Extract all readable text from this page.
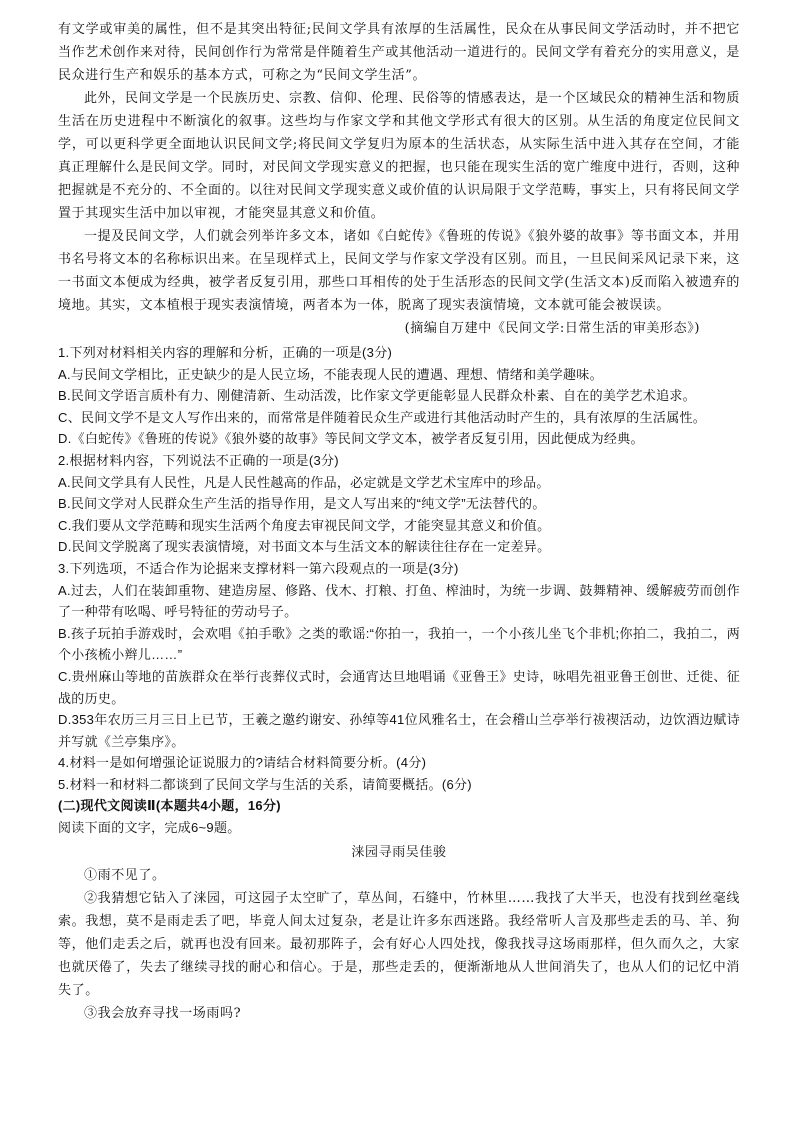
有文学或审美的属性，但不是其突出特征;民间文学具有浓厚的生活属性，民众在从事民间文学活动时，并不把它当作艺术创作来对待，民间创作行为常常是伴随着生产或其他活动一道进行的。民间文学有着充分的实用意义，是民众进行生产和娱乐的基本方式，可称之为“民间文学生活”。

此外，民间文学是一个民族历史、宗教、信仰、伦理、民俗等的情感表达，是一个区域民众的精神生活和物质生活在历史进程中不断演化的叙事。这些均与作家文学和其他文学形式有很大的区别。从生活的角度定位民间文学，可以更科学更全面地认识民间文学;将民间文学复归为原本的生活状态，从实际生活中进入其存在空间，才能真正理解什么是民间文学。同时，对民间文学现实意义的把握，也只能在现实生活的宽广维度中进行，否则，这种把握就是不充分的、不全面的。以往对民间文学现实意义或价值的认识局限于文学范畴，事实上，只有将民间文学置于其现实生活中加以审视，才能突显其意义和价值。

一提及民间文学，人们就会列举许多文本，诸如《白蛇传》《鲁班的传说》《狼外婆的故事》等书面文本，并用书名号将文本的名称标识出来。在呈现样式上，民间文学与作家文学没有区别。而且，一旦民间采风记录下来，这一书面文本便成为经典，被学者反复引用，那些口耳相传的处于生活形态的民间文学(生活文本)反而陷入被遗弃的境地。其实，文本植根于现实表演情境，两者本为一体，脱离了现实表演情境，文本就可能会被误读。

(摘编自万建中《民间文学:日常生活的审美形态》)

1.下列对材料相关内容的理解和分析，正确的一项是(3分)

A.与民间文学相比，正史缺少的是人民立场，不能表现人民的遭遇、理想、情绪和美学趣味。

B.民间文学语言质朴有力、刚健清新、生动活泼，比作家文学更能彰显人民群众朴素、自在的美学艺术追求。

C、民间文学不是文人写作出来的，而常常是伴随着民众生产或进行其他活动时产生的，具有浓厚的生活属性。

D.《白蛇传》《鲁班的传说》《狼外婆的故事》等民间文学文本，被学者反复引用，因此便成为经典。

2.根据材料内容，下列说法不正确的一项是(3分)

A.民间文学具有人民性，凡是人民性越高的作品，必定就是文学艺术宝库中的珍品。

B.民间文学对人民群众生产生活的指导作用，是文人写出来的“纯文学”无法替代的。

C.我们要从文学范畴和现实生活两个角度去审视民间文学，才能突显其意义和价值。

D.民间文学脱离了现实表演情境，对书面文本与生活文本的解读往往存在一定差异。

3.下列选项，不适合作为论据来支撑材料一第六段观点的一项是(3分)

A.过去，人们在装卸重物、建造房屋、修路、伐木、打粮、打鱼、榨油时，为统一步调、鼓舞精神、缓解疲劳而创作了一种带有吆喝、呼号特征的劳动号子。

B.孩子玩拍手游戏时，会欢唱《拍手歌》之类的歌谣:“你拍一，我拍一，一个小孩儿坐飞个非机;你拍二，我拍二，两个小孩梳小辫儿……”

C.贵州麻山等地的苗族群众在举行丧葬仪式时，会通宵达旦地唱诵《亚鲁王》史诗，咏唱先祖亚鲁王创世、迁徙、征战的历史。

D.353年农历三月三日上已节，王羲之邀约谢安、孙绰等41位风雅名士，在会稽山兰亭举行祓禊活动，边饮酒边赋诗并写就《兰亭集序》。

4.材料一是如何增强论证说服力的?请结合材料简要分析。(4分)

5.材料一和材料二都谈到了民间文学与生活的关系，请简要概括。(6分)

(二)现代文阅读Ⅱ(本题共4小题，16分)

阅读下面的文字，完成6~9题。

涞园寻雨吴佳骏

①雨不见了。

②我猜想它钻入了涞园，可这园子太空旷了，草丛间，石缝中，竹林里……我找了大半天，也没有找到丝毫线索。我想，莫不是雨走丢了吧，毕竟人间太过复杂，老是让许多东西迷路。我经常听人言及那些走丢的马、羊、狗等，他们走丢之后，就再也没有回来。最初那阵子，会有好心人四处找，像我找寻这场雨那样，但久而久之，大家也就厌倦了，失去了继续寻找的耐心和信心。于是，那些走丢的，便渐渐地从人世间消失了，也从人们的记忆中消失了。

③我会放弃寻找一场雨吗?
